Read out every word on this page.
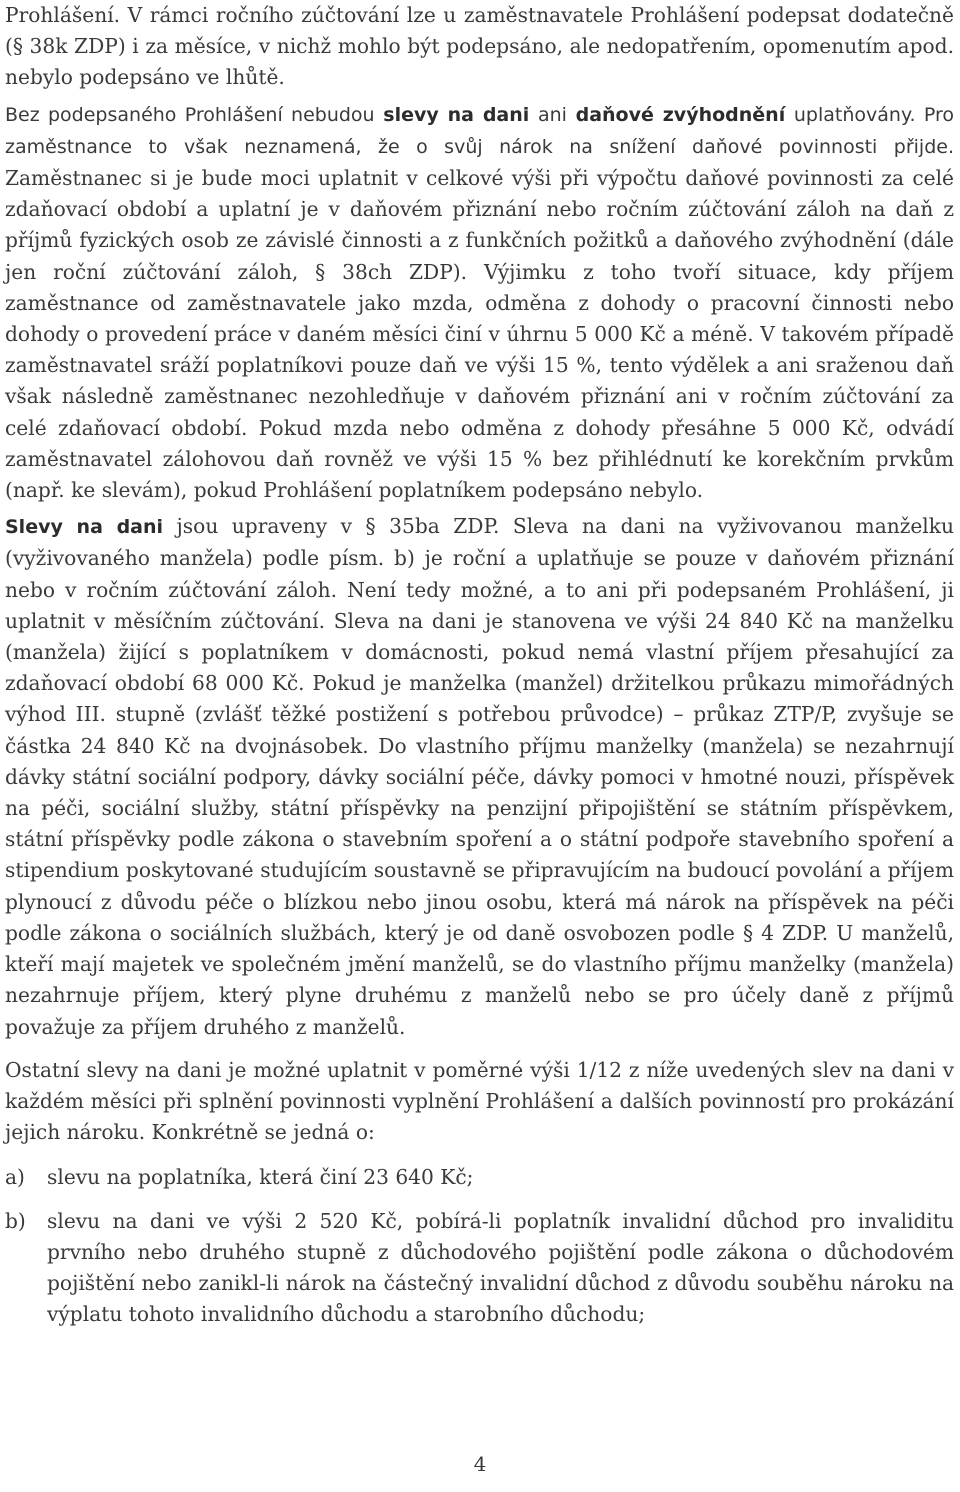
Prohlášení. V rámci ročního zúčtování lze u zaměstnavatele Prohlášení podepsat dodatečně (§ 38k ZDP) i za měsíce, v nichž mohlo být podepsáno, ale nedopatřením, opomenutím apod. nebylo podepsáno ve lhůtě.

Bez podepsaného Prohlášení nebudou slevy na dani ani daňové zvýhodnění uplatňovány. Pro zaměstnance to však neznamená, že o svůj nárok na snížení daňové povinnosti přijde. Zaměstnanec si je bude moci uplatnit v celkové výši při výpočtu daňové povinnosti za celé zdaňovací období a uplatní je v daňovém přiznání nebo ročním zúčtování záloh na daň z příjmů fyzických osob ze závislé činnosti a z funkčních požitků a daňového zvýhodnění (dále jen roční zúčtování záloh, § 38ch ZDP). Výjimku z toho tvoří situace, kdy příjem zaměstnance od zaměstnavatele jako mzda, odměna z dohody o pracovní činnosti nebo dohody o provedení práce v daném měsíci činí v úhrnu 5 000 Kč a méně. V takovém případě zaměstnavatel sráží poplatníkovi pouze daň ve výši 15 %, tento výdělek a ani sraženou daň však následně zaměstnanec nezohledňuje v daňovém přiznání ani v ročním zúčtování za celé zdaňovací období. Pokud mzda nebo odměna z dohody přesáhne 5 000 Kč, odvádí zaměstnavatel zálohovou daň rovněž ve výši 15 % bez přihlédnutí ke korekčním prvkům (např. ke slevám), pokud Prohlášení poplatníkem podepsáno nebylo.

Slevy na dani jsou upraveny v § 35ba ZDP. Sleva na dani na vyživovanou manželku (vyživovaného manžela) podle písm. b) je roční a uplatňuje se pouze v daňovém přiznání nebo v ročním zúčtování záloh. Není tedy možné, a to ani při podepsaném Prohlášení, ji uplatnit v měsíčním zúčtování. Sleva na dani je stanovena ve výši 24 840 Kč na manželku (manžela) žijící s poplatníkem v domácnosti, pokud nemá vlastní příjem přesahující za zdaňovací období 68 000 Kč. Pokud je manželka (manžel) držitelkou průkazu mimořádných výhod III. stupně (zvlášť těžké postižení s potřebou průvodce) – průkaz ZTP/P, zvyšuje se částka 24 840 Kč na dvojnásobek. Do vlastního příjmu manželky (manžela) se nezahrnují dávky státní sociální podpory, dávky sociální péče, dávky pomoci v hmotné nouzi, příspěvek na péči, sociální služby, státní příspěvky na penzijní připojištění se státním příspěvkem, státní příspěvky podle zákona o stavebním spoření a o státní podpoře stavebního spoření a stipendium poskytované studujícím soustavně se připravujícím na budoucí povolání a příjem plynoucí z důvodu péče o blízkou nebo jinou osobu, která má nárok na příspěvek na péči podle zákona o sociálních službách, který je od daně osvobozen podle § 4 ZDP. U manželů, kteří mají majetek ve společném jmění manželů, se do vlastního příjmu manželky (manžela) nezahrnuje příjem, který plyne druhému z manželů nebo se pro účely daně z příjmů považuje za příjem druhého z manželů.

Ostatní slevy na dani je možné uplatnit v poměrné výši 1/12 z níže uvedených slev na dani v každém měsíci při splnění povinnosti vyplnění Prohlášení a dalších povinností pro prokázání jejich nároku. Konkrétně se jedná o:

a) slevu na poplatníka, která činí 23 640 Kč;
b) slevu na dani ve výši 2 520 Kč, pobírá-li poplatník invalidní důchod pro invaliditu prvního nebo druhého stupně z důchodového pojištění podle zákona o důchodovém pojištění nebo zanikl-li nárok na částečný invalidní důchod z důvodu souběhu nároku na výplatu tohoto invalidního důchodu a starobního důchodu;
4
